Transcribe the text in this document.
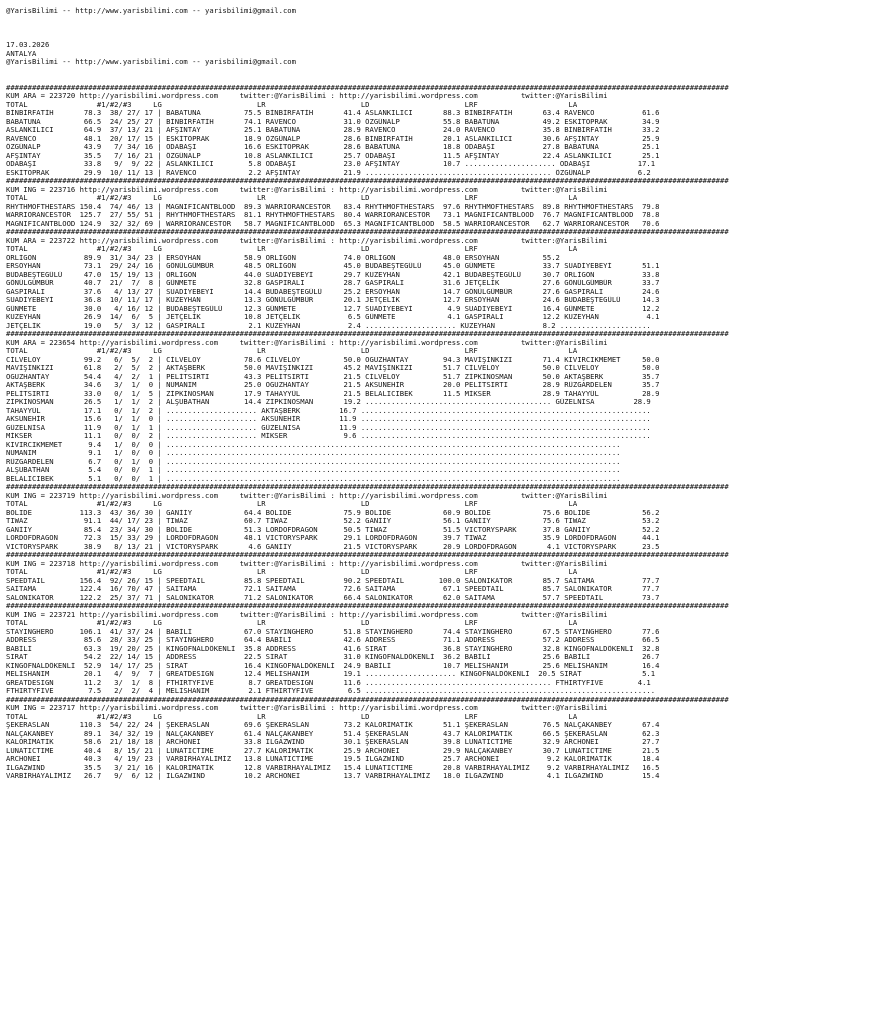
@YarisBilimi -- http://www.yarisbilimi.com -- yarisbilimi@gmail.com
17.03.2026
ANTALYA
@YarisBilimi -- http://www.yarisbilimi.com -- yarisbilimi@gmail.com
#######################################################################################################################################################################
KUM ARA = 223720 http://yarisbilimi.wordpress.com     twitter:@YarisBilimi : http://yarisbilimi.wordpress.com          twitter:@YarisBilimi
TOTAL                #1/#2/#3     LG                      LR                      LD                      LRF                     LA
BİNBİRFATİH       78.3  38/ 27/ 17 | BABATUNA          75.5 BİNBİRFATİH       41.4 ASLANKILICI       88.3 BİNBİRFATİH       63.4 RAVENCO           61.6
BABATUNA          66.5  24/ 25/ 27 | BİNBİRFATİH       74.1 RAVENCO           31.0 ÖZGÜNALP          55.8 BABATUNA          49.2 ESKİTOPRAK        34.9
ASLANKILICI       64.9  37/ 13/ 21 | AFŞINTAY          25.1 BABATUNA          28.9 RAVENCO           24.0 RAVENCO           35.8 BİNBİRFATİH       33.2
RAVENCO           48.1  20/ 17/ 15 | ESKİTOPRAK        18.9 ÖZGÜNALP          28.6 BİNBİRFATİH       20.1 ASLANKILICI       30.6 AFŞINTAY          25.9
ÖZGÜNALP          43.9   7/ 34/ 16 | ODABAŞI           16.6 ESKİTOPRAK        28.6 BABATUNA          18.8 ODABAŞI           27.8 BABATUNA          25.1
AFŞINTAY          35.5   7/ 16/ 21 | ÖZGÜNALP          10.8 ASLANKILICI       25.7 ODABAŞI           11.5 AFŞINTAY          22.4 ASLANKILICI       25.1
ODABAŞI           33.8   9/  9/ 22 | ASLANKILICI        5.8 ODABAŞI           23.0 AFŞINTAY          10.7 ..................... ODABAŞI           17.1
ESKİTOPRAK        29.9  10/ 11/ 13 | RAVENCO            2.2 AFŞINTAY          21.9 ........................................... ÖZGÜNALP           6.2
#######################################################################################################################################################################
KUM ING = 223716 http://yarisbilimi.wordpress.com     twitter:@YarisBilimi : http://yarisbilimi.wordpress.com          twitter:@YarisBilimi
TOTAL                #1/#2/#3     LG                      LR                      LD                      LRF                     LA
RHYTHMOFTHESTARS 150.4  74/ 46/ 13 | MAGNIFICANTBLOOD  89.3 WARRIORANCESTOR   83.4 RHYTHMOFTHESTARS  97.6 RHYTHMOFTHESTARS  89.8 RHYTHMOFTHESTARS  79.8
WARRIORANCESTOR  125.7  27/ 55/ 51 | RHYTHMOFTHESTARS  81.1 RHYTHMOFTHESTARS  80.4 WARRIORANCESTOR   73.1 MAGNIFICANTBLOOD  76.7 MAGNIFICANTBLOOD  78.8
MAGNIFICANTBLOOD 124.9  32/ 32/ 69 | WARRIORANCESTOR   58.7 MAGNIFICANTBLOOD  65.3 MAGNIFICANTBLOOD  58.5 WARRIORANCESTOR   62.7 WARRIORANCESTOR   70.6
#######################################################################################################################################################################
KUM ARA = 223722 http://yarisbilimi.wordpress.com     twitter:@YarisBilimi : http://yarisbilimi.wordpress.com          twitter:@YarisBilimi
TOTAL                #1/#2/#3     LG                      LR                      LD                      LRF                     LA
ORLİGON           89.9  31/ 34/ 23 | ERSOYHAN          58.9 ORLİGON           74.0 ORLİGON           48.0 ERSOYHAN          55.2
ERSOYHAN          73.1  29/ 24/ 16 | GÖNÜLGÜMBÜR       48.5 ORLİGON           45.0 BUDABEŞTEGÜLÜ     45.0 GÜNMETE           33.7 SUADİYEBEYİ       51.1
BUDABEŞTEGÜLÜ     47.0  15/ 19/ 13 | ORLİGON           44.0 SUADİYEBEYİ       29.7 KUZEYHAN          42.1 BUDABEŞTEGÜLÜ     30.7 ORLİGON           33.8
GÖNÜLGÜMBÜR       40.7  21/  7/  8 | GÜNMETE           32.8 GASPIRALI         28.7 GASPIRALI         31.6 JETÇELİK          27.6 GÖNÜLGÜMBÜR       33.7
GASPIRALI         37.6   4/ 13/ 27 | SUADİYEBEYİ       14.4 BUDABEŞTEGÜLÜ     25.2 ERSOYHAN          14.7 GÖNÜLGÜMBÜR       27.6 GASPIRALI         24.6
SUADİYEBEYİ       36.8  10/ 11/ 17 | KUZEYHAN          13.3 GÖNÜLGÜMBÜR       20.1 JETÇELİK          12.7 ERSOYHAN          24.6 BUDABEŞTEGÜLÜ     14.3
GÜNMETE           30.0   4/ 16/ 12 | BUDABEŞTEGÜLÜ     12.3 GÜNMETE           12.7 SUADİYEBEYİ        4.9 SUADİYEBEYİ       16.4 GÜNMETE           12.2
KUZEYHAN          26.9  14/  6/  5 | JETÇELİK          10.8 JETÇELİK           6.5 GÜNMETE            4.1 GASPIRALI         12.2 KUZEYHAN           4.1
JETÇELİK          19.0   5/  3/ 12 | GASPIRALI          2.1 KUZEYHAN           2.4 ..................... KUZEYHAN           8.2 .....................
#######################################################################################################################################################################
KUM ARA = 223654 http://yarisbilimi.wordpress.com     twitter:@YarisBilimi : http://yarisbilimi.wordpress.com          twitter:@YarisBilimi
TOTAL                #1/#2/#3     LG                      LR                      LD                      LRF                     LA
CİLVELOY          99.2   6/  5/  2 | CİLVELOY          78.6 CİLVELOY          50.0 OĞUZHANTAY        94.3 MAVİŞİNKIZI       71.4 KIVIRCIKMEMET     50.0
MAVİŞİNKIZI       61.8   2/  5/  2 | AKTAŞBERK         50.0 MAVİŞİNKIZI       45.2 MAVİŞİNKIZI       51.7 CİLVELOY          50.0 CİLVELOY          50.0
OĞUZHANTAY        54.4   4/  2/  1 | PELİTSIRTI        43.3 PELİTSIRTI        21.5 CİLVELOY          51.7 ZİPKİNOSMAN       50.0 AKTAŞBERK         35.7
AKTAŞBERK         34.6   3/  1/  0 | NUMANIM           25.0 OĞUZHANTAY        21.5 AKSUNEHİR         20.0 PELİTSIRTI        28.9 RÜZGARDELEN       35.7
PELİTSIRTI        33.0   0/  1/  5 | ZİPKİNOSMAN       17.9 TAHAYYÜL          21.5 BELALICIBEK       11.5 MİKSER            28.9 TAHAYYÜL          28.9
ZİPKİNOSMAN       26.5   1/  1/  2 | ALŞUBATHAN        14.4 ZİPKİNOSMAN       19.2 ........................................... GÜZELNİSA         28.9
TAHAYYÜL          17.1   0/  1/  2 | ..................... AKTAŞBERK         16.7 ...................................................................
AKSUNEHİR         15.6   1/  1/  0 | ..................... AKSUNEHİR         11.9 ...................................................................
GÜZELNİSA         11.9   0/  1/  1 | ..................... GÜZELNİSA         11.9 ...................................................................
MİKSER            11.1   0/  0/  2 | ..................... MİKSER             9.6 ...................................................................
KIVIRCIKMEMET      9.4   1/  0/  0 | .........................................................................................................
NUMANIM            9.1   1/  0/  0 | .........................................................................................................
RÜZGARDELEN        6.7   0/  1/  0 | .........................................................................................................
ALŞUBATHAN         5.4   0/  0/  1 | .........................................................................................................
BELALICIBEK        5.1   0/  0/  1 | .........................................................................................................
#######################################################################################################################################################################
KUM ING = 223719 http://yarisbilimi.wordpress.com     twitter:@YarisBilimi : http://yarisbilimi.wordpress.com          twitter:@YarisBilimi
TOTAL                #1/#2/#3     LG                      LR                      LD                      LRF                     LA
BOLIDE           113.3  43/ 36/ 30 | GANİİY            64.4 BOLIDE            75.9 BOLIDE            60.9 BOLIDE            75.6 BOLIDE            56.2
TIWAZ             91.1  44/ 17/ 23 | TIWAZ             60.7 TIWAZ             52.2 GANİİY            56.1 GANİİY            75.6 TIWAZ             53.2
GANİİY            85.4  23/ 34/ 30 | BOLIDE            51.3 LORDOFDRAGON      50.5 TIWAZ             51.5 VICTORYSPARK      37.8 GANİİY            52.2
LORDOFDRAGON      72.3  15/ 33/ 29 | LORDOFDRAGON      48.1 VICTORYSPARK      29.1 LORDOFDRAGON      39.7 TIWAZ             35.9 LORDOFDRAGON      44.1
VICTORYSPARK      38.9   8/ 13/ 21 | VICTORYSPARK       4.6 GANİİY            21.5 VICTORYSPARK      20.9 LORDOFDRAGON       4.1 VICTORYSPARK      23.5
#######################################################################################################################################################################
KUM ING = 223718 http://yarisbilimi.wordpress.com     twitter:@YarisBilimi : http://yarisbilimi.wordpress.com          twitter:@YarisBilimi
TOTAL                #1/#2/#3     LG                      LR                      LD                      LRF                     LA
SPEEDTAIL        156.4  92/ 26/ 15 | SPEEDTAIL         85.8 SPEEDTAIL         90.2 SPEEDTAIL        100.0 SALONIKATOR       85.7 SAİTAMA           77.7
SAİTAMA          122.4  16/ 70/ 47 | SAİTAMA           72.1 SAİTAMA           72.6 SAİTAMA           67.1 SPEEDTAIL         85.7 SALONIKATOR       77.7
SALONIKATOR      122.2  25/ 37/ 71 | SALONIKATOR       71.2 SALONIKATOR       66.4 SALONIKATOR       62.0 SAİTAMA           57.7 SPEEDTAIL         73.7
#######################################################################################################################################################################
KUM ING = 223721 http://yarisbilimi.wordpress.com     twitter:@YarisBilimi : http://yarisbilimi.wordpress.com          twitter:@YarisBilimi
TOTAL                #1/#2/#3     LG                      LR                      LD                      LRF                     LA
STAYINGHERO      106.1  41/ 37/ 24 | BABİLİ            67.0 STAYINGHERO       51.8 STAYINGHERO       74.4 STAYINGHERO       67.5 STAYINGHERO       77.6
ADDRESS           85.6  28/ 33/ 25 | STAYINGHERO       64.4 BABİLİ            42.6 ADDRESS           71.1 ADDRESS           57.2 ADDRESS           66.5
BABİLİ            63.3  19/ 20/ 25 | KINGOFNALDÖKENLİ  35.8 ADDRESS           41.6 SIRAT             36.8 STAYINGHERO       32.8 KINGOFNALDÖKENLİ  32.8
SIRAT             54.2  22/ 14/ 15 | ADDRESS           22.5 SIRAT             31.0 KINGOFNALDÖKENLİ  36.2 BABİLİ            25.6 BABİLİ            26.7
KINGOFNALDÖKENLİ  52.9  14/ 17/ 25 | SIRAT             16.4 KINGOFNALDÖKENLİ  24.9 BABİLİ            10.7 MELİSHANIM        25.6 MELİSHANIM        16.4
MELİSHANIM        20.1   4/  9/  7 | GREATDESIGN       12.4 MELİSHANIM        19.1 ..................... KINGOFNALDÖKENLİ  20.5 SIRAT              5.1
GREATDESIGN       11.2   3/  1/  8 | FTHIRTYFIVE        8.7 GREATDESIGN       11.6 ........................................... FTHIRTYFIVE        4.1
FTHIRTYFIVE        7.5   2/  2/  4 | MELİSHANIM         2.1 FTHIRTYFIVE        6.5 ...................................................................
#######################################################################################################################################################################
KUM ING = 223717 http://yarisbilimi.wordpress.com     twitter:@YarisBilimi : http://yarisbilimi.wordpress.com          twitter:@YarisBilimi
TOTAL                #1/#2/#3     LG                      LR                      LD                      LRF                     LA
ŞEKERASLAN       110.3  54/ 22/ 24 | ŞEKERASLAN        69.6 ŞEKERASLAN        73.2 KALORİMATİK       51.1 ŞEKERASLAN        76.5 NALÇAKANBEY       67.4
NALÇAKANBEY       89.1  34/ 32/ 19 | NALÇAKANBEY       61.4 NALÇAKANBEY       51.4 ŞEKERASLAN        43.7 KALORİMATİK       66.5 ŞEKERASLAN        62.3
KALORİMATİK       58.6  21/ 18/ 18 | ARCHONEI          33.8 ILGAZWIND         30.1 ŞEKERASLAN        39.8 LUNATICTIME       32.9 ARCHONEI          27.7
LUNATICTIME       40.4   8/ 15/ 21 | LUNATICTIME       27.7 KALORİMATİK       25.9 ARCHONEI          29.9 NALÇAKANBEY       30.7 LUNATICTIME       21.5
ARCHONEI          40.3   4/ 19/ 23 | VARBİRHAYALİMİZ   13.8 LUNATICTIME       19.5 ILGAZWIND         25.7 ARCHONEI           9.2 KALORİMATİK       18.4
ILGAZWIND         35.5   3/ 21/ 16 | KALORİMATİK       12.8 VARBİRHAYALİMİZ   15.4 LUNATICTIME       20.8 VARBİRHAYALİMİZ    9.2 VARBİRHAYALİMİZ   16.5
VARBİRHAYALİMİZ   26.7   9/  6/ 12 | ILGAZWIND         10.2 ARCHONEI          13.7 VARBİRHAYALİMİZ   18.0 ILGAZWIND          4.1 ILGAZWIND         15.4
